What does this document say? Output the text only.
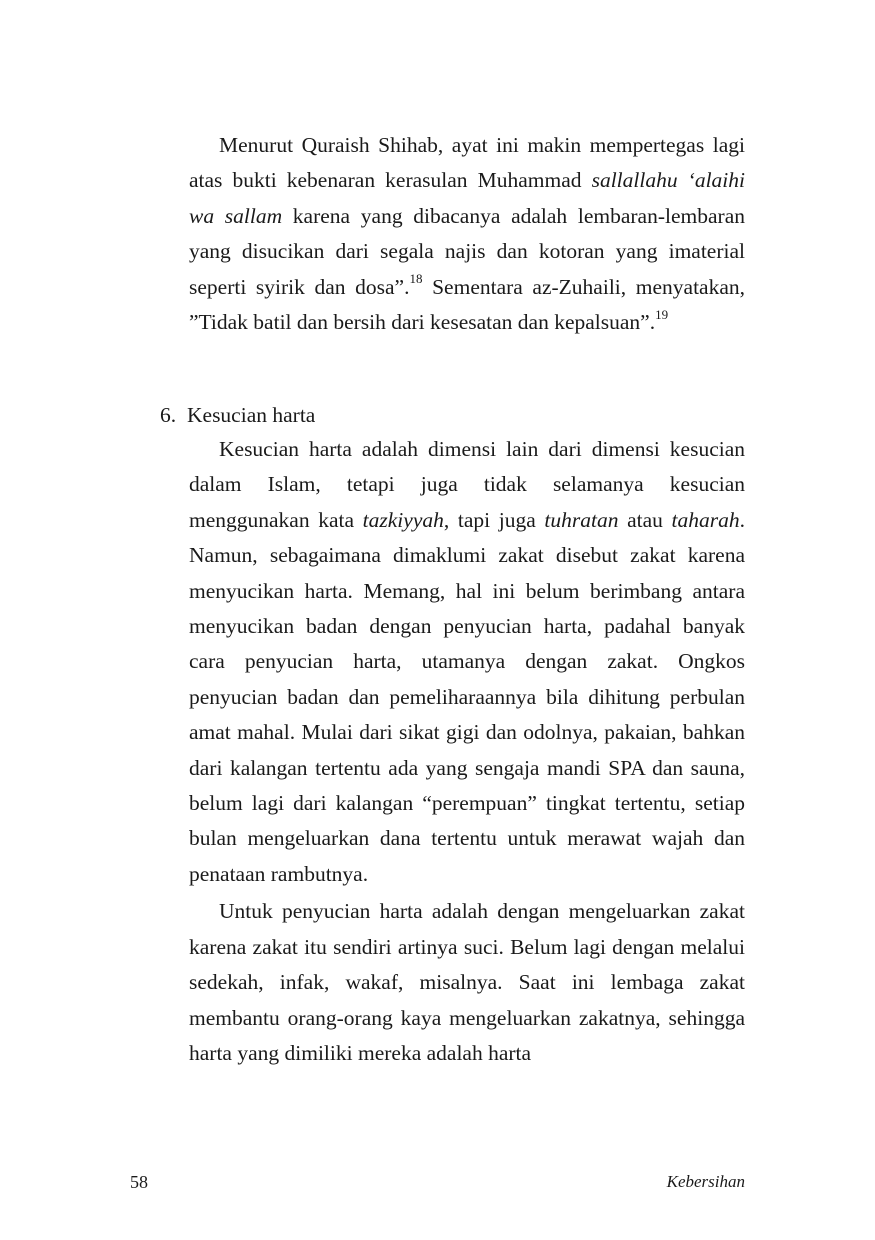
Menurut Quraish Shihab, ayat ini makin mempertegas lagi atas bukti kebenaran kerasulan Muhammad sallallahu ‘alaihi wa sallam karena yang dibacanya adalah lembaran-lembaran yang disucikan dari segala najis dan kotoran yang imaterial seperti syirik dan dosa”.$^{18}$ Sementara az-Zuhaili, menyatakan, ”Tidak batil dan bersih dari kesesatan dan kepalsuan”.$^{19}$

6. Kesucian harta

Kesucian harta adalah dimensi lain dari dimensi kesucian dalam Islam, tetapi juga tidak selamanya kesucian menggunakan kata tazkiyyah, tapi juga tuhratan atau taharah. Namun, sebagaimana dimaklumi zakat disebut zakat karena menyucikan harta. Memang, hal ini belum berimbang antara menyucikan badan dengan penyucian harta, padahal banyak cara penyucian harta, utamanya dengan zakat. Ongkos penyucian badan dan pemeliharaannya bila dihitung perbulan amat mahal. Mulai dari sikat gigi dan odolnya, pakaian, bahkan dari kalangan tertentu ada yang sengaja mandi SPA dan sauna, belum lagi dari kalangan “perempuan” tingkat tertentu, setiap bulan mengeluarkan dana tertentu untuk merawat wajah dan penataan rambutnya.

Untuk penyucian harta adalah dengan mengeluarkan zakat karena zakat itu sendiri artinya suci. Belum lagi dengan melalui sedekah, infak, wakaf, misalnya. Saat ini lembaga zakat membantu orang-orang kaya mengeluarkan zakatnya, sehingga harta yang dimiliki mereka adalah harta

58	Kebersihan
